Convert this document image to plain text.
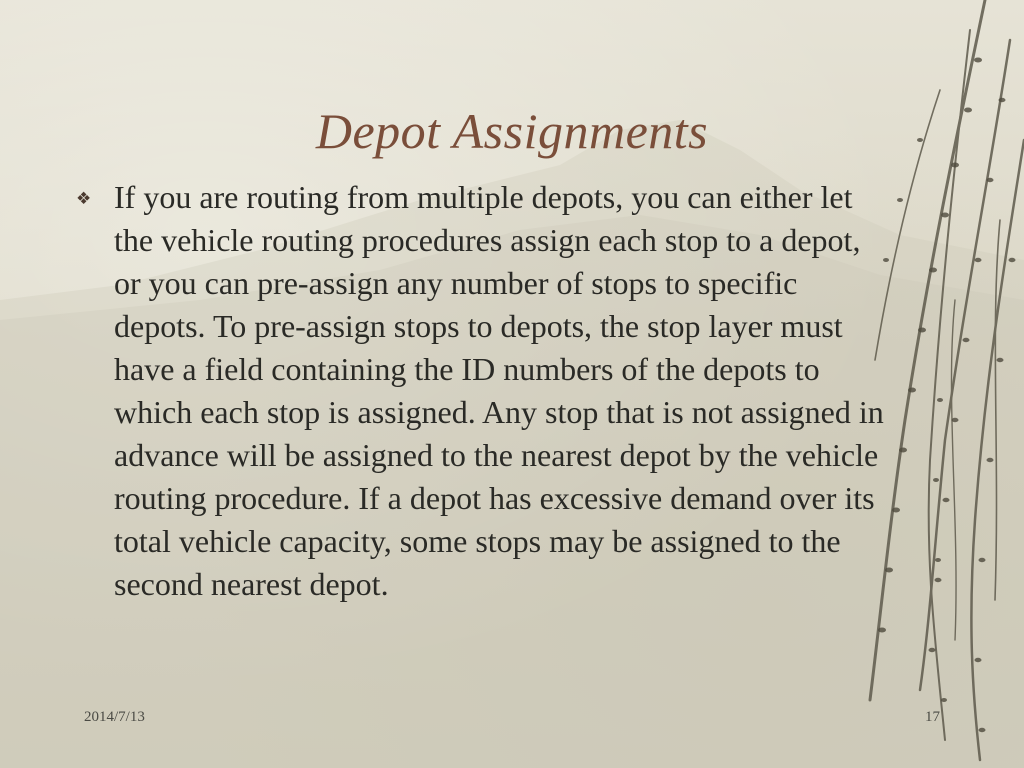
Depot Assignments
❖ If you are routing from multiple depots, you can either let the vehicle routing procedures assign each stop to a depot, or you can pre-assign any number of stops to specific depots. To pre-assign stops to depots, the stop layer must have a field containing the ID numbers of the depots to which each stop is assigned. Any stop that is not assigned in advance will be assigned to the nearest depot by the vehicle routing procedure. If a depot has excessive demand over its total vehicle capacity, some stops may be assigned to the second nearest depot.
2014/7/13	17
